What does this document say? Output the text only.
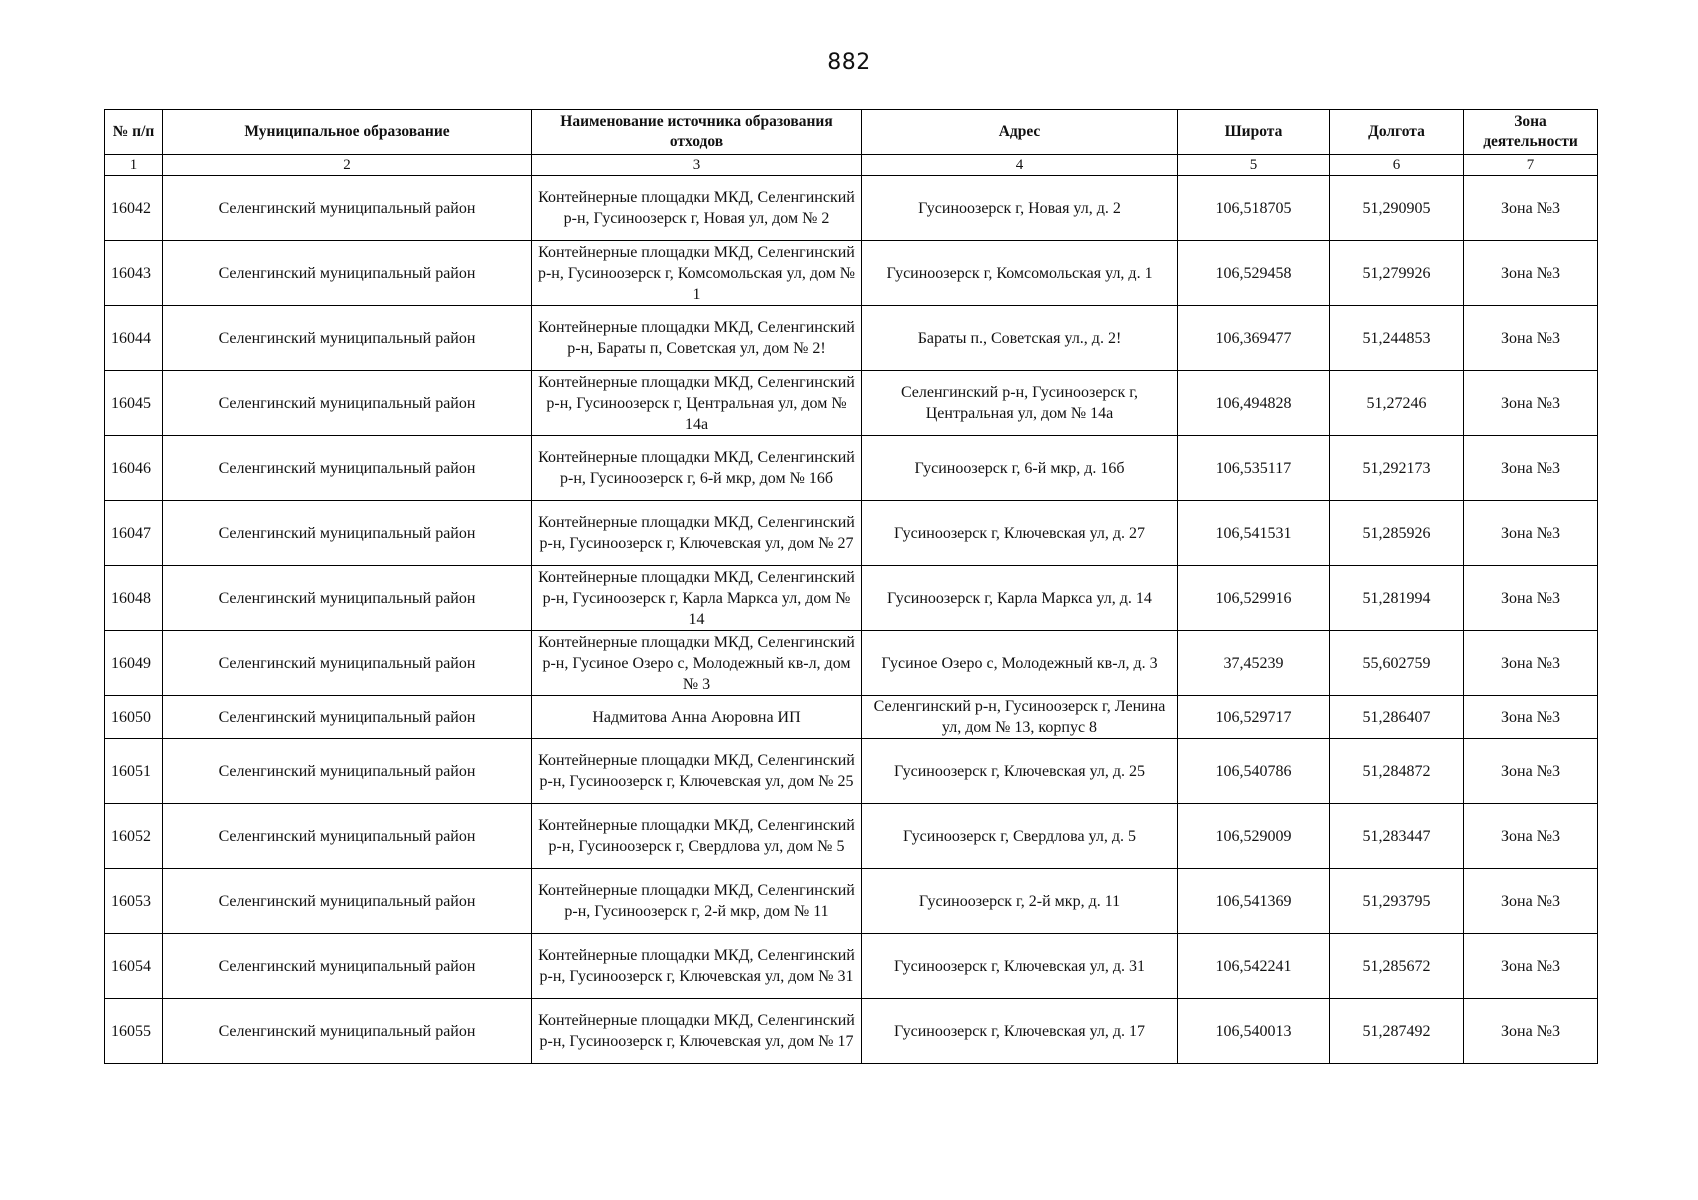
882
№ п/п	Муниципальное образование	Наименование источника образования отходов	Адрес	Широта	Долгота	Зона деятельности
1	2	3	4	5	6	7
16042	Селенгинский муниципальный район	Контейнерные площадки МКД, Селенгинский р-н, Гусиноозерск г, Новая ул, дом № 2	Гусиноозерск г, Новая ул, д. 2	106,518705	51,290905	Зона №3
16043	Селенгинский муниципальный район	Контейнерные площадки МКД, Селенгинский р-н, Гусиноозерск г, Комсомольская ул, дом № 1	Гусиноозерск г, Комсомольская ул, д. 1	106,529458	51,279926	Зона №3
16044	Селенгинский муниципальный район	Контейнерные площадки МКД, Селенгинский р-н, Бараты п, Советская ул, дом № 2!	Бараты п., Советская ул., д. 2!	106,369477	51,244853	Зона №3
16045	Селенгинский муниципальный район	Контейнерные площадки МКД, Селенгинский р-н, Гусиноозерск г, Центральная ул, дом № 14а	Селенгинский р-н, Гусиноозерск г, Центральная ул, дом № 14а	106,494828	51,27246	Зона №3
16046	Селенгинский муниципальный район	Контейнерные площадки МКД, Селенгинский р-н, Гусиноозерск г, 6-й мкр, дом № 16б	Гусиноозерск г, 6-й мкр, д. 16б	106,535117	51,292173	Зона №3
16047	Селенгинский муниципальный район	Контейнерные площадки МКД, Селенгинский р-н, Гусиноозерск г, Ключевская ул, дом № 27	Гусиноозерск г, Ключевская ул, д. 27	106,541531	51,285926	Зона №3
16048	Селенгинский муниципальный район	Контейнерные площадки МКД, Селенгинский р-н, Гусиноозерск г, Карла Маркса ул, дом № 14	Гусиноозерск г, Карла Маркса ул, д. 14	106,529916	51,281994	Зона №3
16049	Селенгинский муниципальный район	Контейнерные площадки МКД, Селенгинский р-н, Гусиное Озеро с, Молодежный кв-л, дом № 3	Гусиное Озеро с, Молодежный кв-л, д. 3	37,45239	55,602759	Зона №3
16050	Селенгинский муниципальный район	Надмитова Анна Аюровна ИП	Селенгинский р-н, Гусиноозерск г, Ленина ул, дом № 13, корпус 8	106,529717	51,286407	Зона №3
16051	Селенгинский муниципальный район	Контейнерные площадки МКД, Селенгинский р-н, Гусиноозерск г, Ключевская ул, дом № 25	Гусиноозерск г, Ключевская ул, д. 25	106,540786	51,284872	Зона №3
16052	Селенгинский муниципальный район	Контейнерные площадки МКД, Селенгинский р-н, Гусиноозерск г, Свердлова ул, дом № 5	Гусиноозерск г, Свердлова ул, д. 5	106,529009	51,283447	Зона №3
16053	Селенгинский муниципальный район	Контейнерные площадки МКД, Селенгинский р-н, Гусиноозерск г, 2-й мкр, дом № 11	Гусиноозерск г, 2-й мкр, д. 11	106,541369	51,293795	Зона №3
16054	Селенгинский муниципальный район	Контейнерные площадки МКД, Селенгинский р-н, Гусиноозерск г, Ключевская ул, дом № 31	Гусиноозерск г, Ключевская ул, д. 31	106,542241	51,285672	Зона №3
16055	Селенгинский муниципальный район	Контейнерные площадки МКД, Селенгинский р-н, Гусиноозерск г, Ключевская ул, дом № 17	Гусиноозерск г, Ключевская ул, д. 17	106,540013	51,287492	Зона №3
